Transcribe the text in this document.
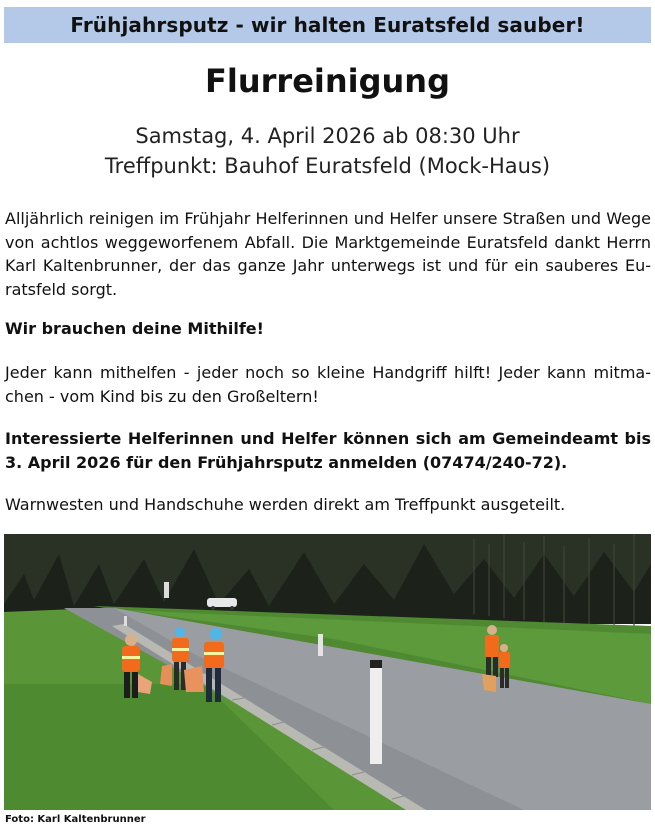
Frühjahrsputz - wir halten Euratsfeld sauber!
Flurreinigung
Samstag, 4. April 2026 ab 08:30 Uhr
Treffpunkt: Bauhof Euratsfeld (Mock-Haus)
Alljährlich reinigen im Frühjahr Helferinnen und Helfer unsere Straßen und Wege von achtlos weggeworfenem Abfall. Die Marktgemeinde Euratsfeld dankt Herrn Karl Kaltenbrunner, der das ganze Jahr unterwegs ist und für ein sauberes Euratsfeld sorgt.
Wir brauchen deine Mithilfe!
Jeder kann mithelfen - jeder noch so kleine Handgriff hilft! Jeder kann mitmachen - vom Kind bis zu den Großeltern!
Interessierte Helferinnen und Helfer können sich am Gemeindeamt bis 3. April 2026 für den Frühjahrsputz anmelden (07474/240-72).
Warnwesten und Handschuhe werden direkt am Treffpunkt ausgeteilt.
Foto: Karl Kaltenbrunner
